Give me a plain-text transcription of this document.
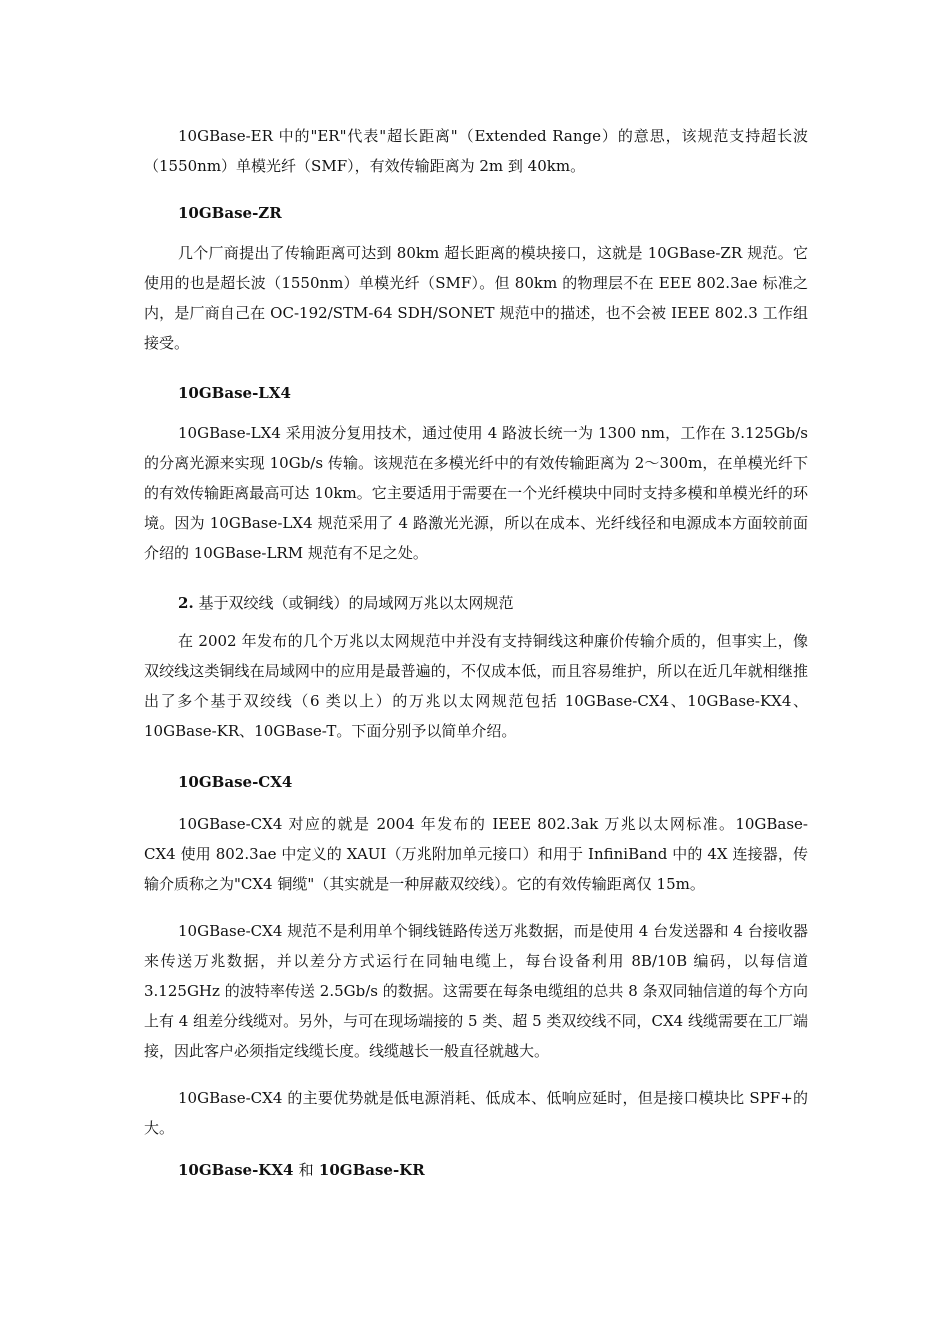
10GBase-ER 中的"ER"代表"超长距离"（Extended Range）的意思，该规范支持超长波（1550nm）单模光纤（SMF），有效传输距离为 2m 到 40km。
10GBase-ZR
几个厂商提出了传输距离可达到 80km 超长距离的模块接口，这就是 10GBase-ZR 规范。它使用的也是超长波（1550nm）单模光纤（SMF）。但 80km 的物理层不在 EEE 802.3ae 标准之内，是厂商自己在 OC-192/STM-64 SDH/SONET 规范中的描述，也不会被 IEEE 802.3 工作组接受。
10GBase-LX4
10GBase-LX4 采用波分复用技术，通过使用 4 路波长统一为 1300 nm，工作在 3.125Gb/s 的分离光源来实现 10Gb/s 传输。该规范在多模光纤中的有效传输距离为 2～300m，在单模光纤下的有效传输距离最高可达 10km。它主要适用于需要在一个光纤模块中同时支持多模和单模光纤的环境。因为 10GBase-LX4 规范采用了 4 路激光光源，所以在成本、光纤线径和电源成本方面较前面介绍的 10GBase-LRM 规范有不足之处。
2. 基于双绞线（或铜线）的局域网万兆以太网规范
在 2002 年发布的几个万兆以太网规范中并没有支持铜线这种廉价传输介质的，但事实上，像双绞线这类铜线在局域网中的应用是最普遍的，不仅成本低，而且容易维护，所以在近几年就相继推出了多个基于双绞线（6 类以上）的万兆以太网规范包括 10GBase-CX4、10GBase-KX4、10GBase-KR、10GBase-T。下面分别予以简单介绍。
10GBase-CX4
10GBase-CX4 对应的就是 2004 年发布的 IEEE 802.3ak 万兆以太网标准。10GBase-CX4 使用 802.3ae 中定义的 XAUI（万兆附加单元接口）和用于 InfiniBand 中的 4X 连接器，传输介质称之为"CX4 铜缆"（其实就是一种屏蔽双绞线）。它的有效传输距离仅 15m。
10GBase-CX4 规范不是利用单个铜线链路传送万兆数据，而是使用 4 台发送器和 4 台接收器来传送万兆数据，并以差分方式运行在同轴电缆上，每台设备利用 8B/10B 编码，以每信道 3.125GHz 的波特率传送 2.5Gb/s 的数据。这需要在每条电缆组的总共 8 条双同轴信道的每个方向上有 4 组差分线缆对。另外，与可在现场端接的 5 类、超 5 类双绞线不同，CX4 线缆需要在工厂端接，因此客户必须指定线缆长度。线缆越长一般直径就越大。
10GBase-CX4 的主要优势就是低电源消耗、低成本、低响应延时，但是接口模块比 SPF+的大。
10GBase-KX4 和 10GBase-KR
